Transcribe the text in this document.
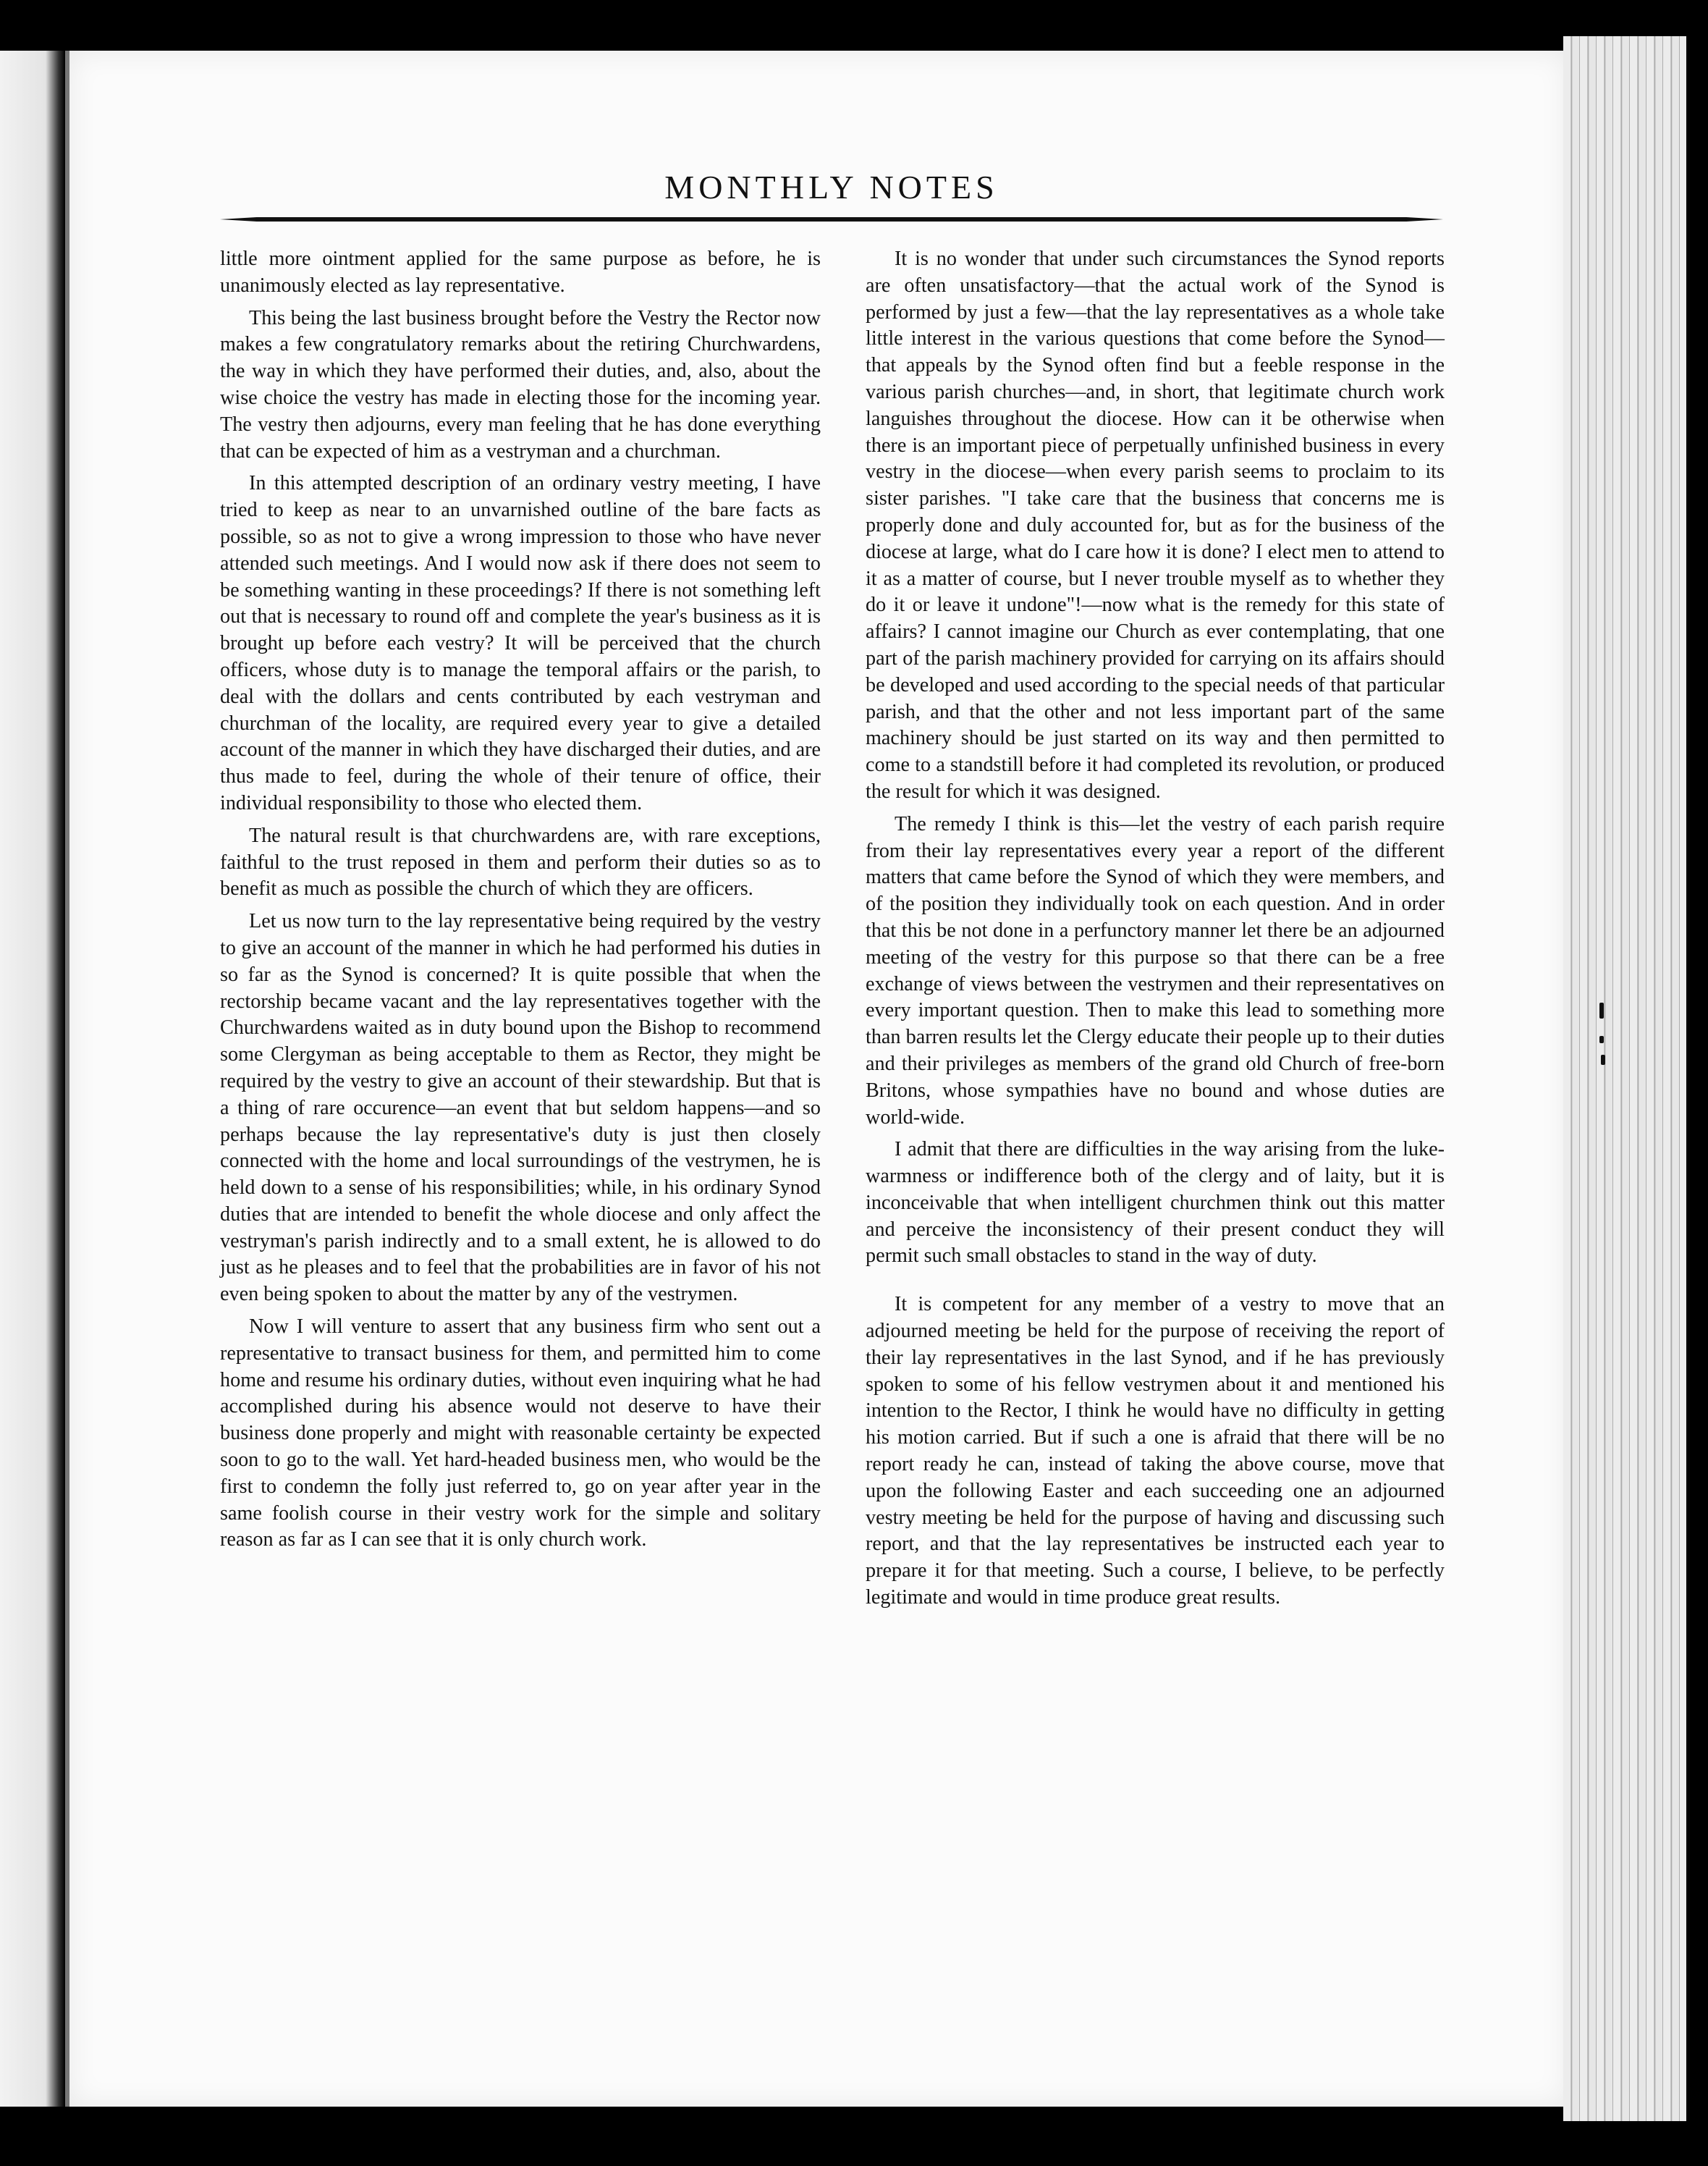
MONTHLY NOTES

little more ointment applied for the same purpose as before, he is unanimously elected as lay representative.

This being the last business brought before the Vestry the Rector now makes a few congratulatory remarks about the retiring Churchwardens, the way in which they have performed their duties, and, also, about the wise choice the vestry has made in electing those for the incoming year. The vestry then adjourns, every man feeling that he has done everything that can be expected of him as a vestryman and a churchman.

In this attempted description of an ordinary vestry meeting, I have tried to keep as near to an unvarnished outline of the bare facts as possible, so as not to give a wrong impression to those who have never attended such meetings. And I would now ask if there does not seem to be something wanting in these proceedings? If there is not something left out that is necessary to round off and complete the year's business as it is brought up before each vestry? It will be perceived that the church officers, whose duty is to manage the temporal affairs or the parish, to deal with the dollars and cents contributed by each vestryman and churchman of the locality, are required every year to give a detailed account of the manner in which they have discharged their duties, and are thus made to feel, during the whole of their tenure of office, their individual responsibility to those who elected them.

The natural result is that churchwardens are, with rare exceptions, faithful to the trust reposed in them and perform their duties so as to benefit as much as possible the church of which they are officers.

Let us now turn to the lay representative being required by the vestry to give an account of the manner in which he had performed his duties in so far as the Synod is concerned? It is quite possible that when the rectorship became vacant and the lay representatives together with the Churchwardens waited as in duty bound upon the Bishop to recommend some Clergyman as being acceptable to them as Rector, they might be required by the vestry to give an account of their stewardship. But that is a thing of rare occurence—an event that but seldom happens—and so perhaps because the lay representative's duty is just then closely connected with the home and local surroundings of the vestrymen, he is held down to a sense of his responsibilities; while, in his ordinary Synod duties that are intended to benefit the whole diocese and only affect the vestryman's parish indirectly and to a small extent, he is allowed to do just as he pleases and to feel that the probabilities are in favor of his not even being spoken to about the matter by any of the vestrymen.

Now I will venture to assert that any business firm who sent out a representative to transact business for them, and permitted him to come home and resume his ordinary duties, without even inquiring what he had accomplished during his absence would not deserve to have their business done properly and might with reasonable certainty be expected soon to go to the wall. Yet hard-headed business men, who would be the first to condemn the folly just referred to, go on year after year in the same foolish course in their vestry work for the simple and solitary reason as far as I can see that it is only church work.

It is no wonder that under such circumstances the Synod reports are often unsatisfactory—that the actual work of the Synod is performed by just a few—that the lay representatives as a whole take little interest in the various questions that come before the Synod—that appeals by the Synod often find but a feeble response in the various parish churches—and, in short, that legitimate church work languishes throughout the diocese. How can it be otherwise when there is an important piece of perpetually unfinished business in every vestry in the diocese—when every parish seems to proclaim to its sister parishes. "I take care that the business that concerns me is properly done and duly accounted for, but as for the business of the diocese at large, what do I care how it is done? I elect men to attend to it as a matter of course, but I never trouble myself as to whether they do it or leave it undone"!—now what is the remedy for this state of affairs? I cannot imagine our Church as ever contemplating, that one part of the parish machinery provided for carrying on its affairs should be developed and used according to the special needs of that particular parish, and that the other and not less important part of the same machinery should be just started on its way and then permitted to come to a standstill before it had completed its revolution, or produced the result for which it was designed.

The remedy I think is this—let the vestry of each parish require from their lay representatives every year a report of the different matters that came before the Synod of which they were members, and of the position they individually took on each question. And in order that this be not done in a perfunctory manner let there be an adjourned meeting of the vestry for this purpose so that there can be a free exchange of views between the vestrymen and their representatives on every important question. Then to make this lead to something more than barren results let the Clergy educate their people up to their duties and their privileges as members of the grand old Church of free-born Britons, whose sympathies have no bound and whose duties are world-wide.

I admit that there are difficulties in the way arising from the luke-warmness or indifference both of the clergy and of laity, but it is inconceivable that when intelligent churchmen think out this matter and perceive the inconsistency of their present conduct they will permit such small obstacles to stand in the way of duty.

It is competent for any member of a vestry to move that an adjourned meeting be held for the purpose of receiving the report of their lay representatives in the last Synod, and if he has previously spoken to some of his fellow vestrymen about it and mentioned his intention to the Rector, I think he would have no difficulty in getting his motion carried. But if such a one is afraid that there will be no report ready he can, instead of taking the above course, move that upon the following Easter and each succeeding one an adjourned vestry meeting be held for the purpose of having and discussing such report, and that the lay representatives be instructed each year to prepare it for that meeting. Such a course, I believe, to be perfectly legitimate and would in time produce great results.
